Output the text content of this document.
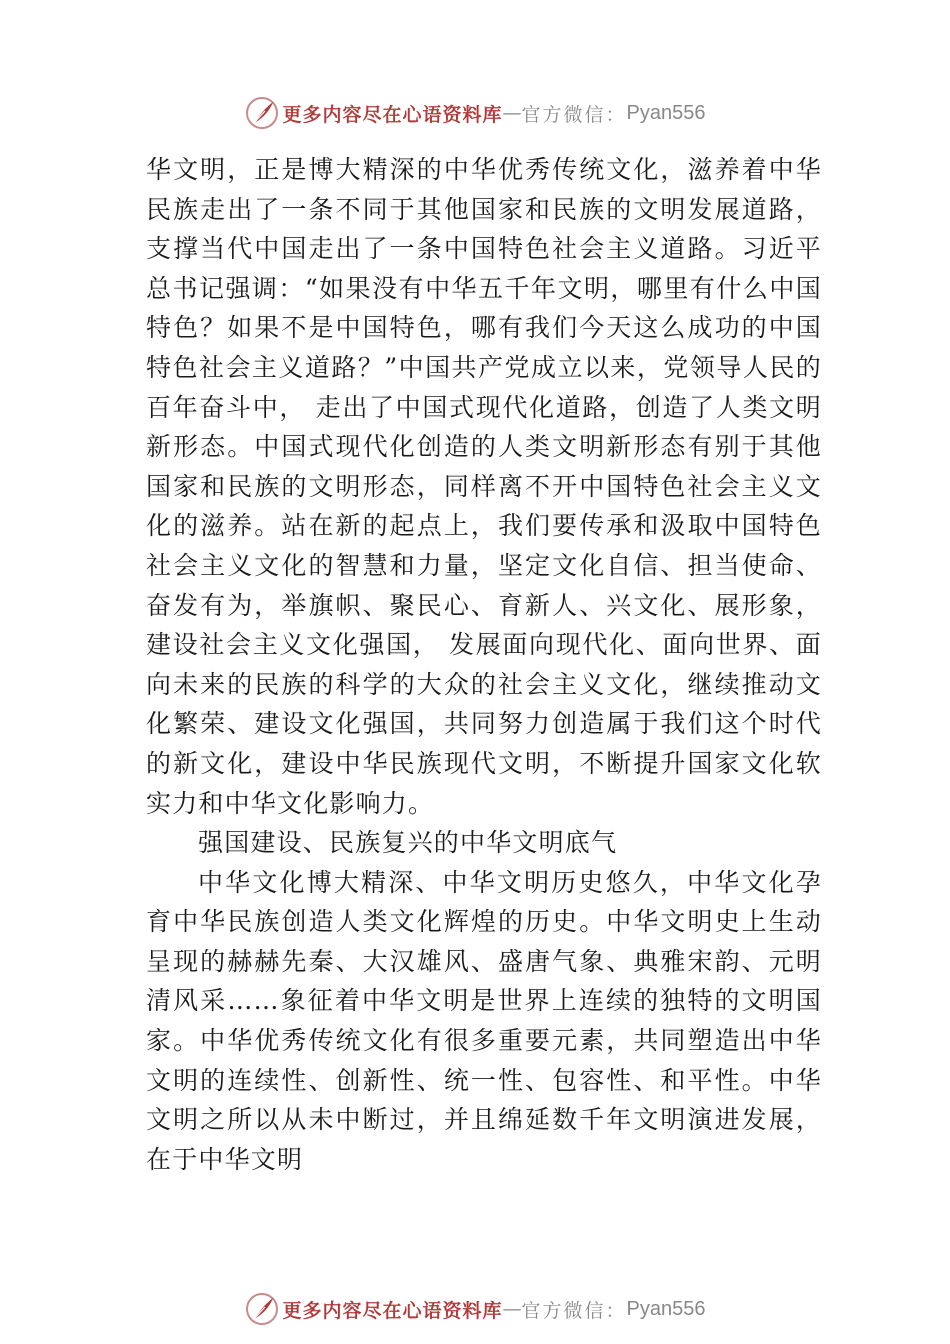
更多内容尽在心语资料库 — 官方微信： Pyan556

华文明，正是博大精深的中华优秀传统文化，滋养着中华民族走出了一条不同于其他国家和民族的文明发展道路，支撑当代中国走出了一条中国特色社会主义道路。习近平总书记强调：“如果没有中华五千年文明，哪里有什么中国特色？如果不是中国特色，哪有我们今天这么成功的中国特色社会主义道路？”中国共产党成立以来，党领导人民的百年奋斗中， 走出了中国式现代化道路，创造了人类文明新形态。中国式现代化创造的人类文明新形态有别于其他国家和民族的文明形态，同样离不开中国特色社会主义文化的滋养。站在新的起点上，我们要传承和汲取中国特色社会主义文化的智慧和力量，坚定文化自信、担当使命、奋发有为，举旗帜、聚民心、育新人、兴文化、展形象，建设社会主义文化强国， 发展面向现代化、面向世界、面向未来的民族的科学的大众的社会主义文化，继续推动文化繁荣、建设文化强国，共同努力创造属于我们这个时代的新文化，建设中华民族现代文明，不断提升国家文化软实力和中华文化影响力。

强国建设、民族复兴的中华文明底气

中华文化博大精深、中华文明历史悠久，中华文化孕育中华民族创造人类文化辉煌的历史。中华文明史上生动呈现的赫赫先秦、大汉雄风、盛唐气象、典雅宋韵、元明清风采……象征着中华文明是世界上连续的独特的文明国家。中华优秀传统文化有很多重要元素，共同塑造出中华文明的连续性、创新性、统一性、包容性、和平性。中华文明之所以从未中断过，并且绵延数千年文明演进发展，在于中华文明

更多内容尽在心语资料库 — 官方微信： Pyan556
